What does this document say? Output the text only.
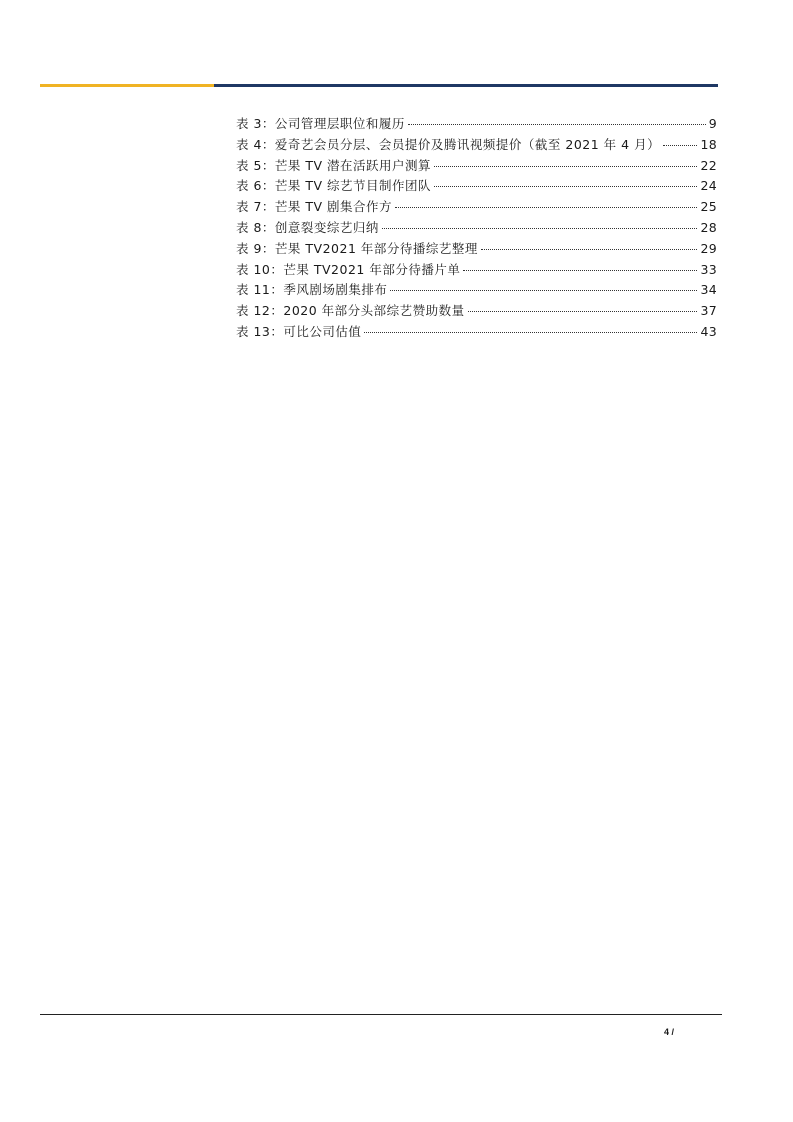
表 3：公司管理层职位和履历	9
表 4：爱奇艺会员分层、会员提价及腾讯视频提价（截至 2021 年 4 月）	18
表 5：芒果 TV 潜在活跃用户测算	22
表 6：芒果 TV 综艺节目制作团队	24
表 7：芒果 TV 剧集合作方	25
表 8：创意裂变综艺归纳	28
表 9：芒果 TV2021 年部分待播综艺整理	29
表 10：芒果 TV2021 年部分待播片单	33
表 11：季风剧场剧集排布	34
表 12：2020 年部分头部综艺赞助数量	37
表 13：可比公司估值	43
4 /
